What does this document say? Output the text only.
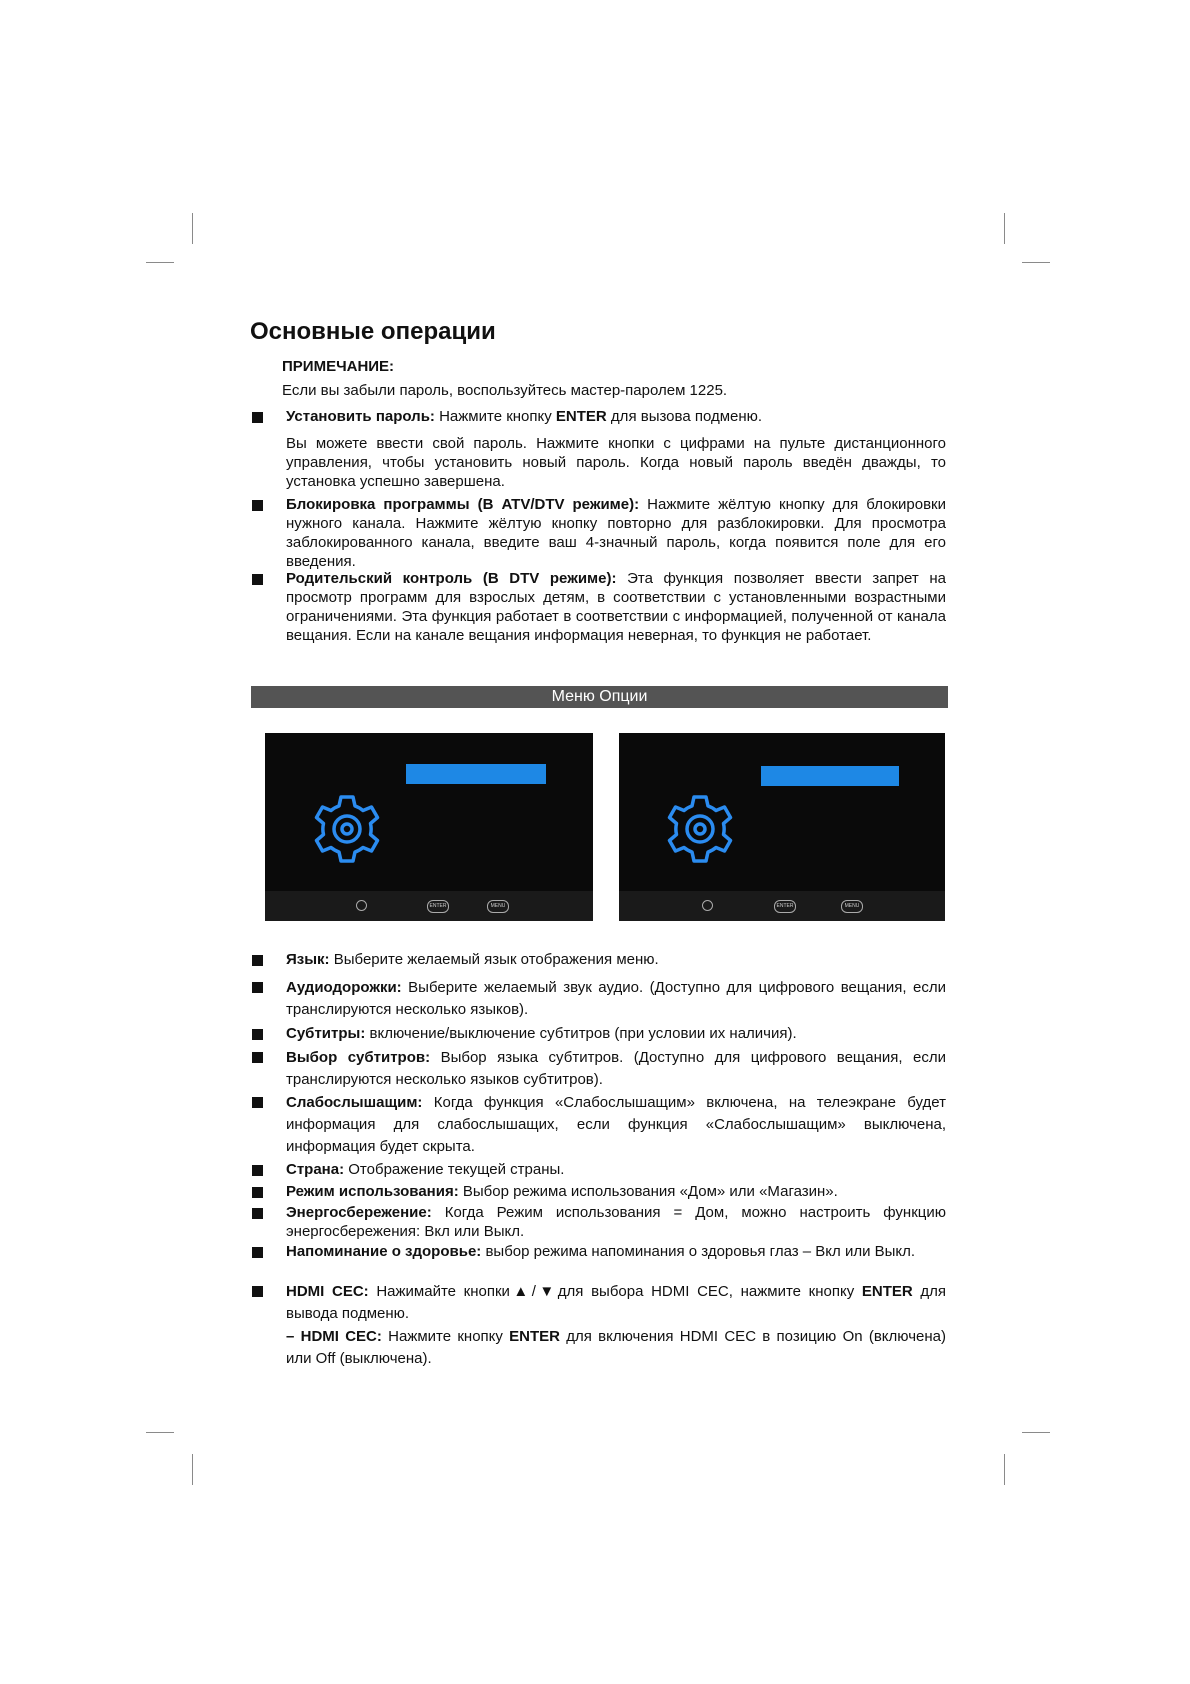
Основные операции
ПРИМЕЧАНИЕ:
Если вы забыли пароль, воспользуйтесь мастер-паролем 1225.
Установить пароль: Нажмите кнопку ENTER для вызова подменю.
Вы можете ввести свой пароль. Нажмите кнопки с цифрами на пульте дистанционного управления, чтобы установить новый пароль. Когда новый пароль введён дважды, то установка успешно завершена.
Блокировка программы (В ATV/DTV режиме): Нажмите жёлтую кнопку для блокировки нужного канала. Нажмите жёлтую кнопку повторно для разблокировки. Для просмотра заблокированного канала, введите ваш 4-значный пароль, когда появится поле для его введения.
Родительский контроль (В DTV режиме): Эта функция позволяет ввести запрет на просмотр программ для взрослых детям, в соответствии с установленными возрастными ограничениями. Эта функция работает в соответствии с информацией, полученной от канала вещания. Если на канале вещания информация неверная, то функция не работает.
Меню Опции
ENTER	MENU	ENTER	MENU
Язык: Выберите желаемый язык отображения меню.
Аудиодорожки: Выберите желаемый звук аудио. (Доступно для цифрового вещания, если транслируются несколько языков).
Субтитры: включение/выключение субтитров (при условии их наличия).
Выбор субтитров: Выбор языка субтитров. (Доступно для цифрового вещания, если транслируются несколько языков субтитров).
Слабослышащим: Когда функция «Слабослышащим» включена, на телеэкране будет информация для слабослышащих, если функция «Слабослышащим» выключена, информация будет скрыта.
Страна: Отображение текущей страны.
Режим использования: Выбор режима использования «Дом» или «Магазин».
Энергосбережение: Когда Режим использования = Дом, можно настроить функцию энергосбережения: Вкл или Выкл.
Напоминание о здоровье: выбор режима напоминания о здоровья глаз – Вкл или Выкл.
HDMI CEC: Нажимайте кнопки▲/▼для выбора HDMI CEC, нажмите кнопку ENTER для вывода подменю.
– HDMI CEC: Нажмите кнопку ENTER для включения HDMI CEC в позицию On (включена) или Off (выключена).
